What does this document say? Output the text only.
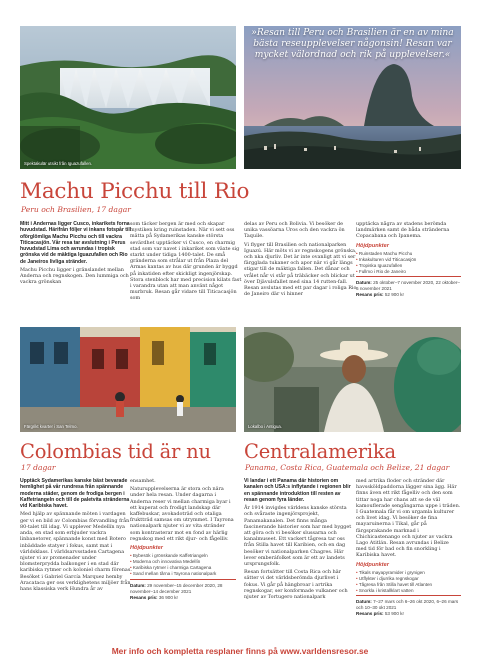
Spektakulär utsikt från Iguazufallen.
»Resan till Peru och Brasilien är en av mina bästa reseupplevelser någonsin! Resan var mycket välordnad och rik på upplevelser.«
Färgrikt kvarter i San Telmo.	Lokalbo i Antigua.
Machu Picchu till Rio
Peru och Brasilien, 17 dagar

Mitt i Andernas ligger Cusco, inkarikets forna huvudstad. Härifrån följer vi inkans fotspår till oförglömliga Machu Picchu och till vackra Titicacasjön. Vår resa tar avslutning i Perus huvudstad Lima och avrundas i tropisk grönska vid de mäktiga Iguazufallen och Rio de Janeiros livliga stränder.

Machu Picchu ligger i gränslandet mellan Anderna och regnskogen. Den lummiga och vackra grönskan

som täcker bergen är med och skapar mystiken kring ruinstaden. När vi sett oss mätta på Sydamerikas kanske största sevärdhet upptäcker vi Cusco, en charmig stad som var navet i inkariket som växte sig starkt under tidiga 1400-talet. De små gränderna som strålar ut från Plaza del Armas kantas av hus där grunden är byggd på inkatiden efter skickligt ingenjörskap. Stora stenblock har med precision kilats fast i varandra utan att man använt något murbruk. Resan går vidare till Titicacasjön som

delas av Peru och Bolivia. Vi besöker de unika vassöarna Uros och den vackra ön Taquile.

Vi flyger till Brasilien och nationalparken Iguazú. Här möts vi av regnskogens grönska, och nka djurliv. Det är inte ovanligt att vi ser färgglada tukaner och apor när vi går längs stigar till de mäktiga fallen. Det dånar och vrålet når vi står på träbäcker och blickar ut över Djävulsfallet med sina 14 rutten-fall. Resan avslutas med ett par dagar i roliga Rio de Janeiro där vi hinner

upptäcka några av stadens berömda landmärken samt de båda stränderna Copacabana och Ipanema.

Höjdpunkter
• Ruinstaden Machu Picchu
• Inkakulturen vid Titicacasjön
• Tropiska Iguazufallen
• Fullmo i Rio de Janeiro
Datum: 25 oktober–7 november 2020, 22 oktober–6 november 2021
Resans pris: 52 900 kr
Colombias tid är nu
17 dagar

Upptäck Sydamerikas kanske bäst bevarade hemlighet på vår rundresa från spännande moderna städer, genom de frodiga bergen i Kaffetriangeln och till de paletvita stränderna vid Karibiska havet.

Med hjälp av spännande möten i vardagen ger vi en bild av Colombias förvandling från 80-talet till idag. Vi upplever Medellín nya anda, en stad som erbjuder vackra linbanetorer, spännande konst med Botero inbäddade statyer i fokus, samt mat i världsklass. I världsarvsstaden Cartagena njuter vi av promenader under blomsterprydda balkonger i en stad där karibiska rytmer och koloniel charm förenas. Besöket i Gabriel García Marquez hemby Aracataca ger oss verklighetens miljöer från hans klassiska verk Hundra år av

ensamhet.

Naturupplevelserna är stora och nära under hela resan. Under dagarna i Anderna reser vi mellan charmiga byar i ett kuperat och frodigt landskap där kaffebuskar, avokadoträd och otaliga fruktträd samsas om utrymmet. I Tayrona nationalpark njuter vi av vita stränder som kontrasterar mot en fond av härlig regnskog med ett rikt djur- och fågelliv.

Höjdpunkter
• Bybesök i grönskande Kaffetriangeln
• Moderna och innovativa Medellín
• Karibiska rytmer i charmiga Cartagena
• Sand mellan tårna i Tayrona nationalpark
Datum: 29 november–15 december 2020, 28 november–14 december 2021
Resans pris: 36 900 kr
Centralamerika
Panama, Costa Rica, Guatemala och Belize, 21 dagar

Vi landar i ett Panama där historien om kanalen och USA:s inflytande i regionen blir en spännande introduktion till resten av resan genom fyra länder.

År 1914 invigdes världens kanske största och svåraste ingenjörsprojekt, Panamakanalen. Det finns många fascinerande historier som har med bygget att göra och vi besöker slussarna och kanalmuseet. Ett vackert tågresa tar oss från Stilla havet till Karibien, och en dag besöker vi nationalparken Chagres. Här lever emberáfolket som är ett av landets ursprungsfolk.

Resan fortsätter till Costa Rica och här sätter vi det världsberömda djurlivet i fokus. Vi går på hängbroar i artrika regnskogar, ser konformade vulkaner och njuter av Tortugero nationalpark

med artrika floder och stränder där havssköldpaddorna lägger sina ägg. Här finns även ett rikt fågelliv och den som tittar noga har chans att se de väl kamouflerade sengångarna uppe i träden. I Guatemala får vi om urgamla kulturer och livet idag. Vi besöker de fina mayaruinerna i Tikal, går på färgsprakande marknad i Chichicastenango och njuter av vackra Lago Atitlán. Resan avrundas i Belize med tid för bad och fin snorkling i Karibiska havet.

Höjdpunkter
• Tikals mayapyramider i grynigen
• Utflykter i djurrika regnskogar
• Tågresa från Stilla havet till Atlanten
• Snorkla i kristallklart vatten
Datum: 7–27 mars och 6–26 okt 2020, 6–26 mars och 10–30 okt 2021
Resans pris: 53 900 kr
Mer info och kompletta resplaner finns på www.varldensresor.se
